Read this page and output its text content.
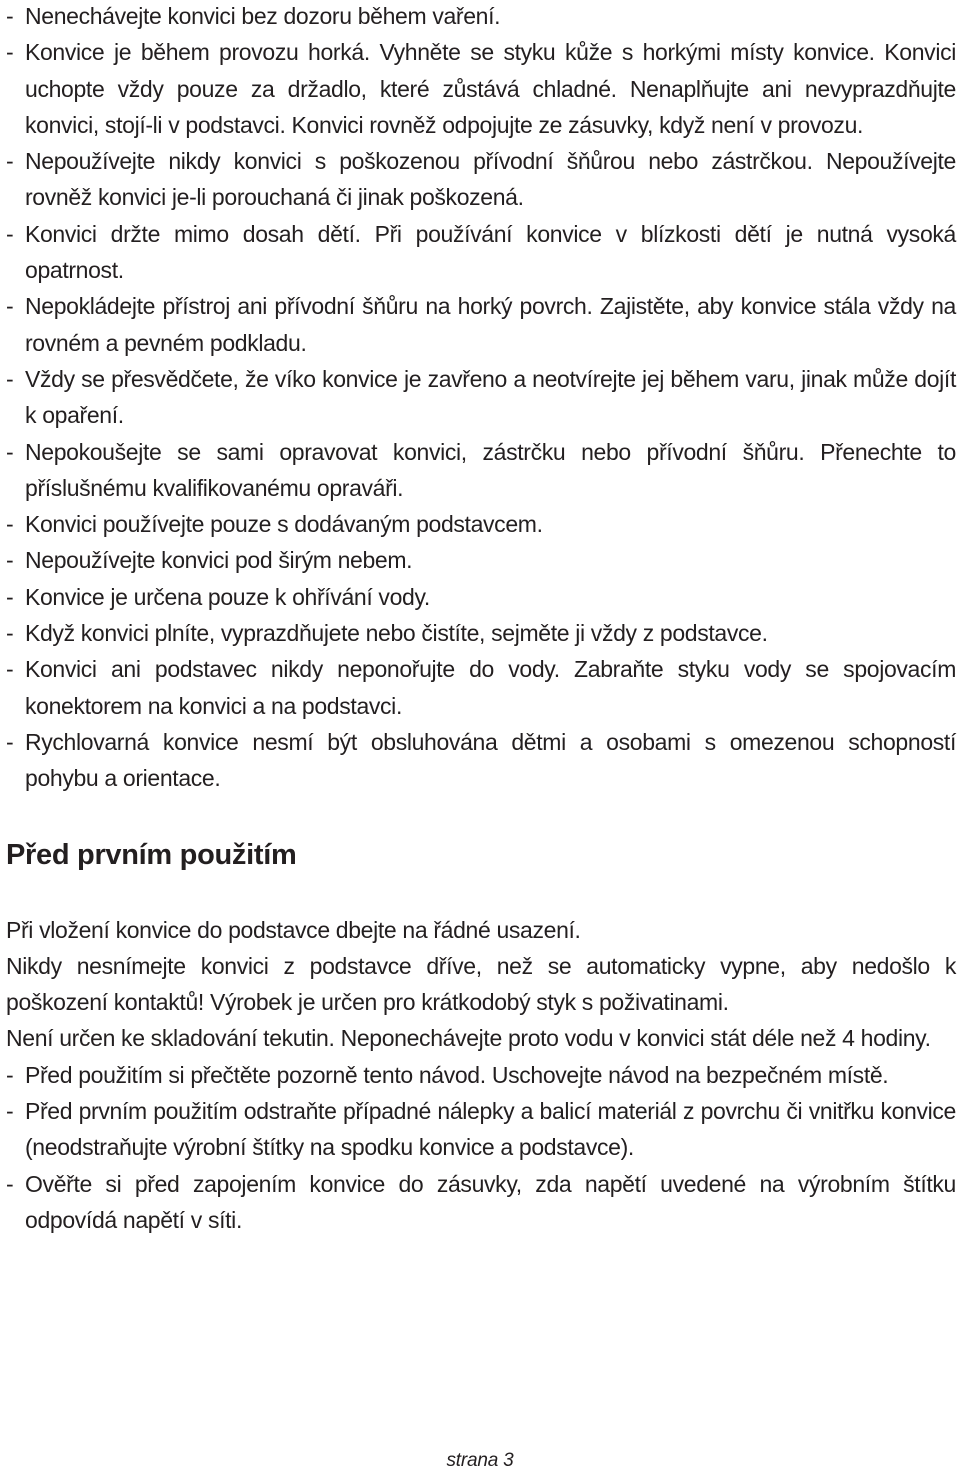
- Nenechávejte konvici bez dozoru během vaření.
- Konvice je během provozu horká. Vyhněte se styku kůže s horkými místy konvice. Konvici uchopte vždy pouze za držadlo, které zůstává chladné. Nenaplňujte ani nevyprazdňujte konvici, stojí-li v podstavci. Konvici rovněž odpojujte ze zásuvky, když není v provozu.
- Nepoužívejte nikdy konvici s poškozenou přívodní šňůrou nebo zástrčkou. Nepoužívejte rovněž konvici je-li porouchaná či jinak poškozená.
- Konvici držte mimo dosah dětí. Při používání konvice v blízkosti dětí je nutná vysoká opatrnost.
- Nepokládejte přístroj ani přívodní šňůru na horký povrch. Zajistěte, aby konvice stála vždy na rovném a pevném podkladu.
- Vždy se přesvědčete, že víko konvice je zavřeno a neotvírejte jej během varu, jinak může dojít k opaření.
- Nepokoušejte se sami opravovat konvici, zástrčku nebo přívodní šňůru. Přenechte to příslušnému kvalifikovanému opraváři.
- Konvici používejte pouze s dodávaným podstavcem.
- Nepoužívejte konvici pod širým nebem.
- Konvice je určena pouze k ohřívání vody.
- Když konvici plníte, vyprazdňujete nebo čistíte, sejměte ji vždy z podstavce.
- Konvici ani podstavec nikdy neponořujte do vody. Zabraňte styku vody se spojovacím konektorem na konvici a na podstavci.
- Rychlovarná konvice nesmí být obsluhována dětmi a osobami s omezenou schopností pohybu a orientace.
Před prvním použitím

Při vložení konvice do podstavce dbejte na řádné usazení.

Nikdy nesnímejte konvici z podstavce dříve, než se automaticky vypne, aby nedošlo k poškození kontaktů! Výrobek je určen pro krátkodobý styk s poživatinami.

Není určen ke skladování tekutin. Neponechávejte proto vodu v konvici stát déle než 4 hodiny.

- Před použitím si přečtěte pozorně tento návod. Uschovejte návod na bezpečném místě.
- Před prvním použitím odstraňte případné nálepky a balicí materiál z povrchu či vnitřku konvice (neodstraňujte výrobní štítky na spodku konvice a podstavce).
- Ověřte si před zapojením konvice do zásuvky, zda napětí uvedené na výrobním štítku odpovídá napětí v síti.
strana 3
